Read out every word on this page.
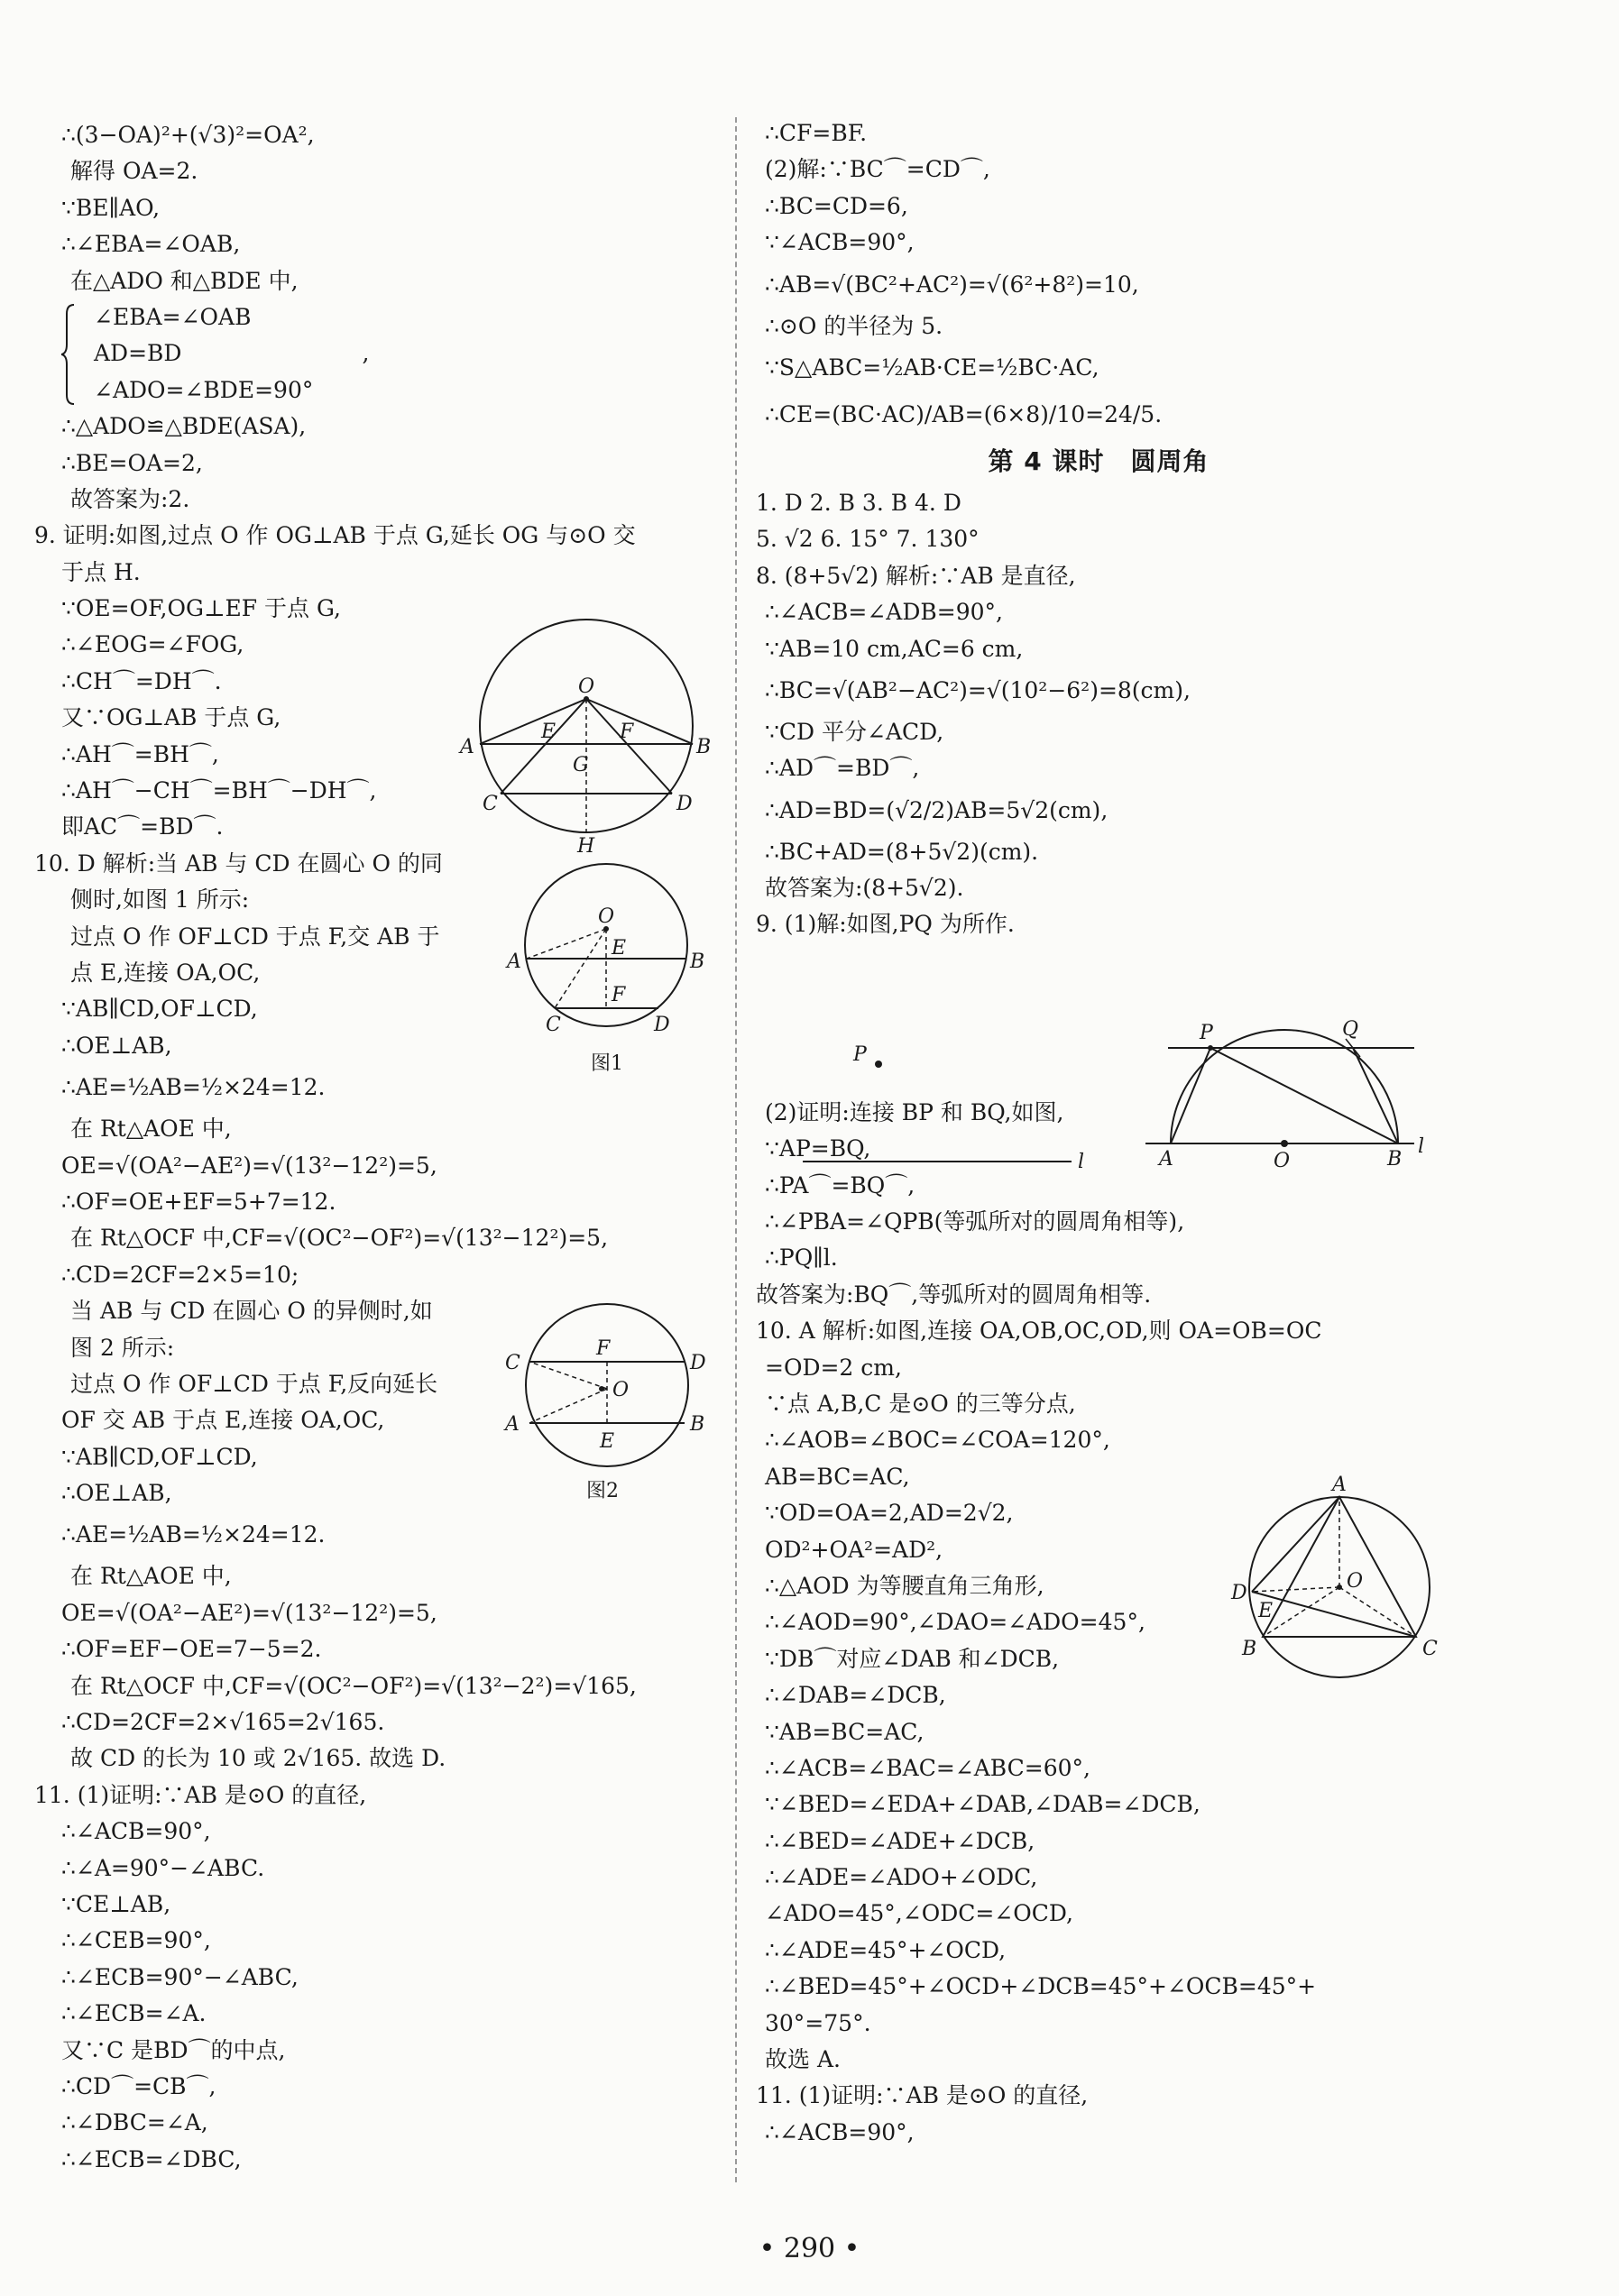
∴(3−OA)²+(√3)²=OA²,
解得 OA=2.
∵BE∥AO,
∴∠EBA=∠OAB,
在△ADO 和△BDE 中,
∠EBA=∠OAB
AD=BD	,
∠ADO=∠BDE=90°
∴△ADO≌△BDE(ASA),
∴BE=OA=2,
故答案为:2.
9. 证明:如图,过点 O 作 OG⊥AB 于点 G,延长 OG 与⊙O 交
于点 H.
∵OE=OF,OG⊥EF 于点 G,
∴∠EOG=∠FOG,
∴CH⌒=DH⌒.
又∵OG⊥AB 于点 G,
∴AH⌒=BH⌒,
∴AH⌒−CH⌒=BH⌒−DH⌒,
即AC⌒=BD⌒.
10. D 解析:当 AB 与 CD 在圆心 O 的同
侧时,如图 1 所示:
过点 O 作 OF⊥CD 于点 F,交 AB 于
点 E,连接 OA,OC,
∵AB∥CD,OF⊥CD,
∴OE⊥AB,
∴AE=½AB=½×24=12.
在 Rt△AOE 中,
OE=√(OA²−AE²)=√(13²−12²)=5,
∴OF=OE+EF=5+7=12.
在 Rt△OCF 中,CF=√(OC²−OF²)=√(13²−12²)=5,
∴CD=2CF=2×5=10;
当 AB 与 CD 在圆心 O 的异侧时,如
图 2 所示:
过点 O 作 OF⊥CD 于点 F,反向延长
OF 交 AB 于点 E,连接 OA,OC,
∵AB∥CD,OF⊥CD,
∴OE⊥AB,
∴AE=½AB=½×24=12.
在 Rt△AOE 中,
OE=√(OA²−AE²)=√(13²−12²)=5,
∴OF=EF−OE=7−5=2.
在 Rt△OCF 中,CF=√(OC²−OF²)=√(13²−2²)=√165,
∴CD=2CF=2×√165=2√165.
故 CD 的长为 10 或 2√165. 故选 D.
11. (1)证明:∵AB 是⊙O 的直径,
∴∠ACB=90°,
∴∠A=90°−∠ABC.
∵CE⊥AB,
∴∠CEB=90°,
∴∠ECB=90°−∠ABC,
∴∠ECB=∠A.
又∵C 是BD⌒的中点,
∴CD⌒=CB⌒,
∴∠DBC=∠A,
∴∠ECB=∠DBC,
O
E	F
G
A	B
C	D
H
O
E
A	B
F
C	D
图1
C
F
D
O
A
E
B
图2
∴CF=BF.
(2)解:∵BC⌒=CD⌒,
∴BC=CD=6,
∵∠ACB=90°,
∴AB=√(BC²+AC²)=√(6²+8²)=10,
∴⊙O 的半径为 5.
∵S△ABC=½AB·CE=½BC·AC,
∴CE=(BC·AC)/AB=(6×8)/10=24/5.
第 4 课时　圆周角
1. D 2. B 3. B 4. D
5. √2 6. 15° 7. 130°
8. (8+5√2) 解析:∵AB 是直径,
∴∠ACB=∠ADB=90°,
∵AB=10 cm,AC=6 cm,
∴BC=√(AB²−AC²)=√(10²−6²)=8(cm),
∵CD 平分∠ACD,
∴AD⌒=BD⌒,
∴AD=BD=(√2/2)AB=5√2(cm),
∴BC+AD=(8+5√2)(cm).
故答案为:(8+5√2).
9. (1)解:如图,PQ 为所作.
(2)证明:连接 BP 和 BQ,如图,
∵AP=BQ,
∴PA⌒=BQ⌒,
∴∠PBA=∠QPB(等弧所对的圆周角相等),
∴PQ∥l.
故答案为:BQ⌒,等弧所对的圆周角相等.
10. A 解析:如图,连接 OA,OB,OC,OD,则 OA=OB=OC
=OD=2 cm,
∵点 A,B,C 是⊙O 的三等分点,
∴∠AOB=∠BOC=∠COA=120°,
AB=BC=AC,
∵OD=OA=2,AD=2√2,
OD²+OA²=AD²,
∴△AOD 为等腰直角三角形,
∴∠AOD=90°,∠DAO=∠ADO=45°,
∵DB⌒对应∠DAB 和∠DCB,
∴∠DAB=∠DCB,
∵AB=BC=AC,
∴∠ACB=∠BAC=∠ABC=60°,
∵∠BED=∠EDA+∠DAB,∠DAB=∠DCB,
∴∠BED=∠ADE+∠DCB,
∴∠ADE=∠ADO+∠ODC,
∠ADO=45°,∠ODC=∠OCD,
∴∠ADE=45°+∠OCD,
∴∠BED=45°+∠OCD+∠DCB=45°+∠OCB=45°+
30°=75°.
故选 A.
11. (1)证明:∵AB 是⊙O 的直径,
∴∠ACB=90°,
P
l
P	Q
A	O	B
l
A
O
D
E
B	C
• 290 •
